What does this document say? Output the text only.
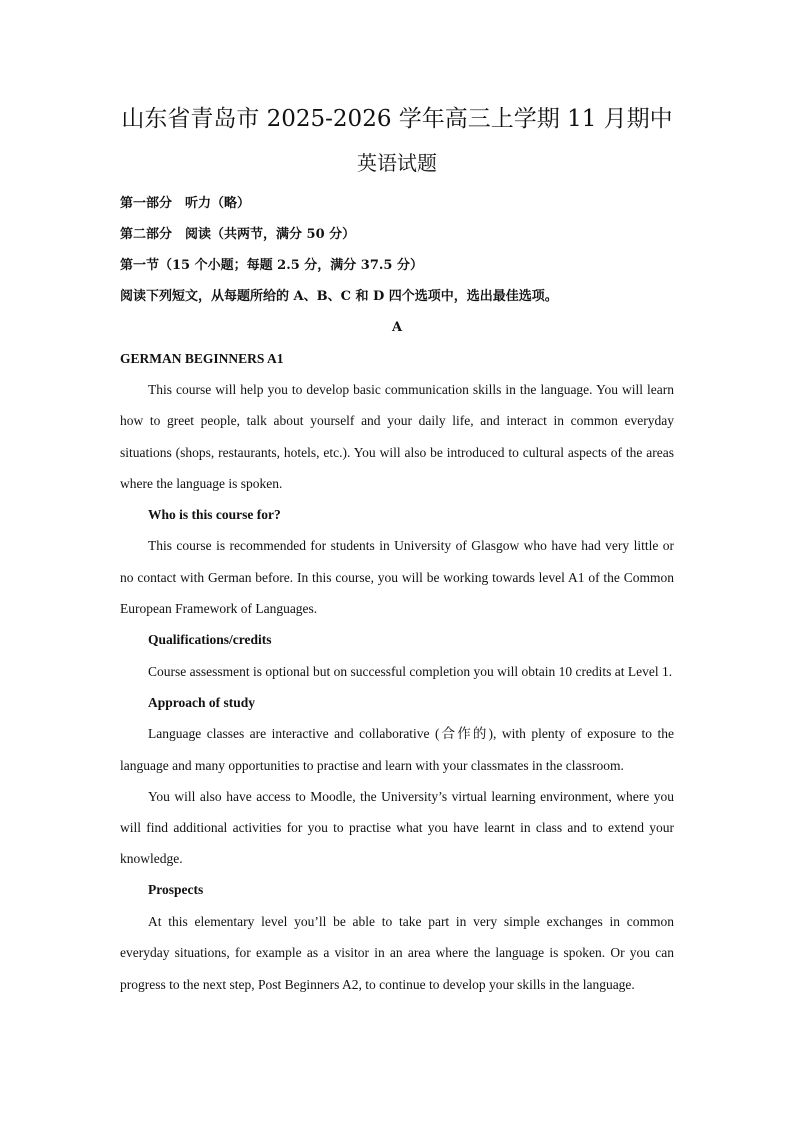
山东省青岛市 2025-2026 学年高三上学期 11 月期中
英语试题

第一部分　听力（略）

第二部分　阅读（共两节，满分 50 分）

第一节（15 个小题；每题 2.5 分，满分 37.5 分）

阅读下列短文，从每题所给的 A、B、C 和 D 四个选项中，选出最佳选项。

A

GERMAN BEGINNERS A1

This course will help you to develop basic communication skills in the language. You will learn how to greet people, talk about yourself and your daily life, and interact in common everyday situations (shops, restaurants, hotels, etc.). You will also be introduced to cultural aspects of the areas where the language is spoken.

Who is this course for?

This course is recommended for students in University of Glasgow who have had very little or no contact with German before. In this course, you will be working towards level A1 of the Common European Framework of Languages.

Qualifications/credits

Course assessment is optional but on successful completion you will obtain 10 credits at Level 1.

Approach of study

Language classes are interactive and collaborative (合作的), with plenty of exposure to the language and many opportunities to practise and learn with your classmates in the classroom.

You will also have access to Moodle, the University’s virtual learning environment, where you will find additional activities for you to practise what you have learnt in class and to extend your knowledge.

Prospects

At this elementary level you’ll be able to take part in very simple exchanges in common everyday situations, for example as a visitor in an area where the language is spoken. Or you can progress to the next step, Post Beginners A2, to continue to develop your skills in the language.
